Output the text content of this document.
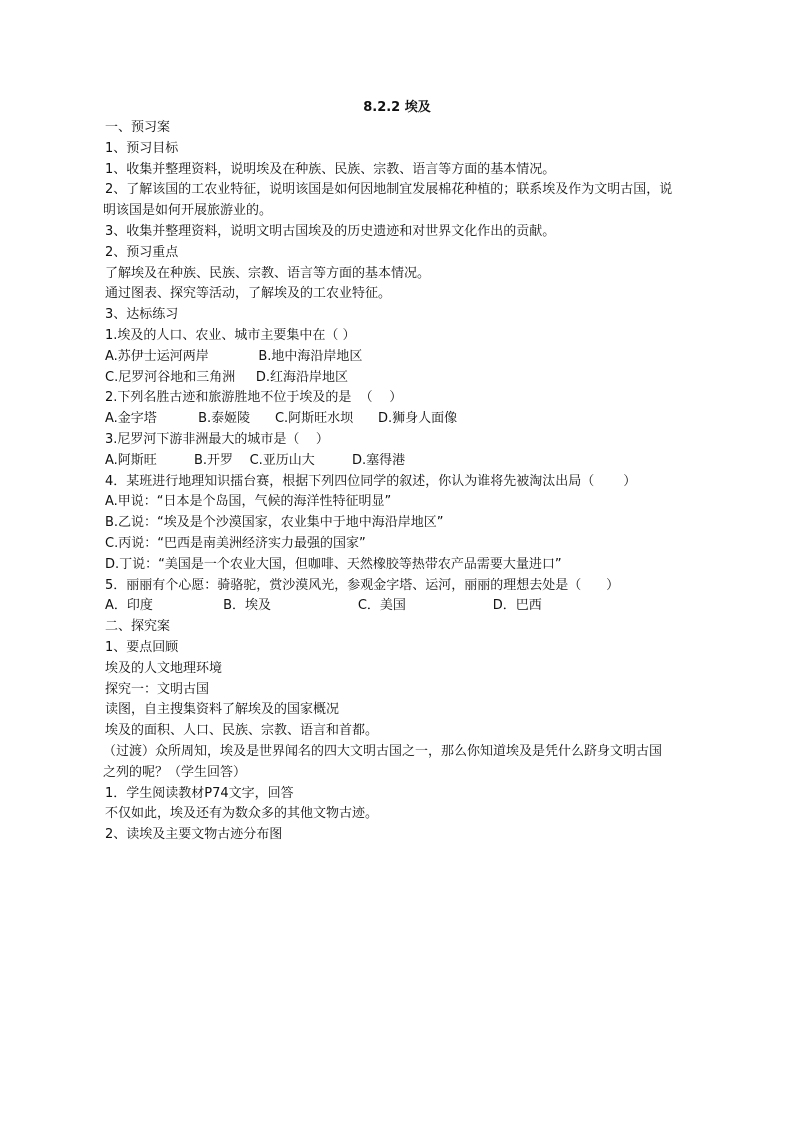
8.2.2 埃及

一、预习案

1、预习目标

1、收集并整理资料，说明埃及在种族、民族、宗教、语言等方面的基本情况。

2、了解该国的工农业特征，说明该国是如何因地制宜发展棉花种植的；联系埃及作为文明古国，说

明该国是如何开展旅游业的。

3、收集并整理资料，说明文明古国埃及的历史遗迹和对世界文化作出的贡献。

2、预习重点

了解埃及在种族、民族、宗教、语言等方面的基本情况。

通过图表、探究等活动，了解埃及的工农业特征。

3、达标练习

1.埃及的人口、农业、城市主要集中在（ ）

A.苏伊士运河两岸            B.地中海沿岸地区

C.尼罗河谷地和三角洲     D.红海沿岸地区

2.下列名胜古迹和旅游胜地不位于埃及的是  （    ）

A.金字塔          B.泰姬陵      C.阿斯旺水坝      D.狮身人面像

3.尼罗河下游非洲最大的城市是（    ）

A.阿斯旺         B.开罗    C.亚历山大         D.塞得港

4．某班进行地理知识擂台赛，根据下列四位同学的叙述，你认为谁将先被淘汰出局（       ）

A.甲说：“日本是个岛国，气候的海洋性特征明显”

B.乙说：“埃及是个沙漠国家，农业集中于地中海沿岸地区”

C.丙说：“巴西是南美洲经济实力最强的国家”

D.丁说：“美国是一个农业大国，但咖啡、天然橡胶等热带农产品需要大量进口”

5．丽丽有个心愿：骑骆驼，赏沙漠风光，参观金字塔、运河，丽丽的理想去处是（      ）

A．印度                 B．埃及                     C．美国                     D．巴西

二、探究案

1、要点回顾

埃及的人文地理环境

探究一：文明古国

读图，自主搜集资料了解埃及的国家概况

埃及的面积、人口、民族、宗教、语言和首都。

（过渡）众所周知，埃及是世界闻名的四大文明古国之一，那么你知道埃及是凭什么跻身文明古国

之列的呢？（学生回答）

1．学生阅读教材P74文字，回答

不仅如此，埃及还有为数众多的其他文物古迹。

2、读埃及主要文物古迹分布图
